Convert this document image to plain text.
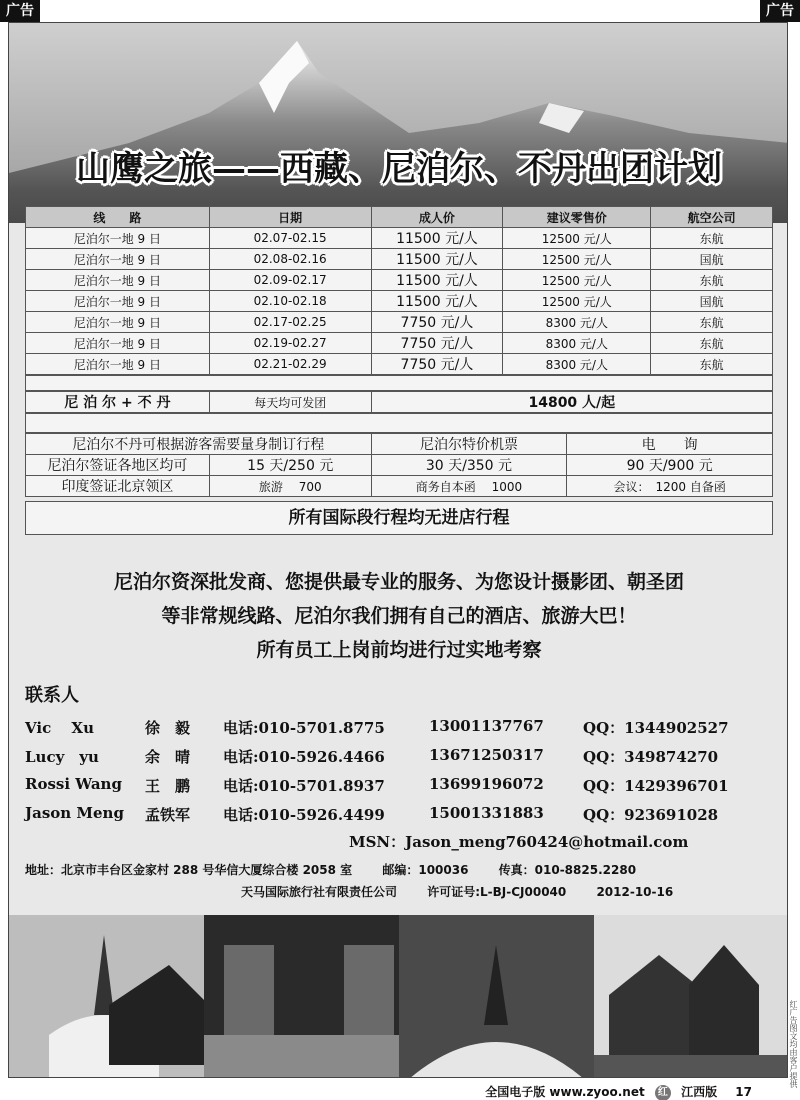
广告	广告
山鹰之旅——西藏、尼泊尔、不丹出团计划
线　　路	日期	成人价	建议零售价	航空公司
尼泊尔一地 9 日	02.07-02.15	11500 元/人	12500 元/人	东航
尼泊尔一地 9 日	02.08-02.16	11500 元/人	12500 元/人	国航
尼泊尔一地 9 日	02.09-02.17	11500 元/人	12500 元/人	东航
尼泊尔一地 9 日	02.10-02.18	11500 元/人	12500 元/人	国航
尼泊尔一地 9 日	02.17-02.25	7750 元/人	8300 元/人	东航
尼泊尔一地 9 日	02.19-02.27	7750 元/人	8300 元/人	东航
尼泊尔一地 9 日	02.21-02.29	7750 元/人	8300 元/人	东航
尼 泊 尔 + 不 丹	每天均可发团	14800 人/起
尼泊尔不丹可根据游客需要量身制订行程		尼泊尔特价机票	电　　询
尼泊尔签证各地区均可	15 天/250 元	30 天/350 元	90 天/900 元
印度签证北京领区	旅游　 700	商务自本函　 1000	会议：　1200 自备函
所有国际段行程均无进店行程
尼泊尔资深批发商、您提供最专业的服务、为您设计摄影团、朝圣团
等非常规线路、尼泊尔我们拥有自己的酒店、旅游大巴！
所有员工上岗前均进行过实地考察
联系人
Vic　 Xu	徐　毅 电话:010-5701.8775	13001137767	QQ：1344902527
Lucy　yu	余　晴 电话:010-5926.4466	13671250317	QQ：349874270
Rossi Wang 王　鹏 电话:010-5701.8937	13699196072	QQ：1429396701
Jason Meng 孟铁军 电话:010-5926.4499	15001331883	QQ：923691028
MSN：Jason_meng760424@hotmail.com
地址：北京市丰台区金家村 288 号华信大厦综合楼 2058 室	邮编：100036	传真：010-8825.2280
天马国际旅行社有限责任公司	许可证号:L-BJ-CJ00040	2012-10-16
全国电子版 www.zyoo.net 红 江西版 17
红广告图文均由客户提供
